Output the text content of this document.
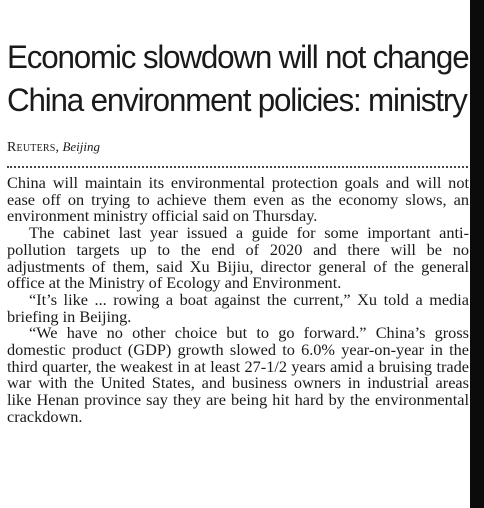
Economic slowdown will not change
China environment policies: ministry
Reuters, Beijing

China will maintain its environmental protection goals and will not ease off on trying to achieve them even as the economy slows, an environment ministry official said on Thursday.

The cabinet last year issued a guide for some important anti-pollution targets up to the end of 2020 and there will be no adjustments of them, said Xu Bijiu, director general of the general office at the Ministry of Ecology and Environment.

“It’s like ... rowing a boat against the current,” Xu told a media briefing in Beijing.

“We have no other choice but to go forward.” China’s gross domestic product (GDP) growth slowed to 6.0% year-on-year in the third quarter, the weakest in at least 27-1/2 years amid a bruising trade war with the United States, and business owners in industrial areas like Henan province say they are being hit hard by the environmental crackdown.
